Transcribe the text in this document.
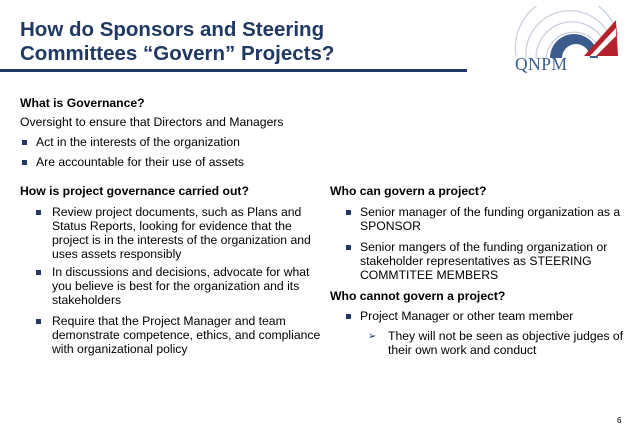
How do Sponsors and Steering
Committees “Govern” Projects?	QNPM
What is Governance?
Oversight to ensure that Directors and Managers
Act in the interests of the organization
Are accountable for their use of assets
How is project governance carried out?
Review project documents, such as Plans and
Status Reports, looking for evidence that the
project is in the interests of the organization and
uses assets responsibly
In discussions and decisions, advocate for what
you believe is best for the organization and its
stakeholders
Require that the Project Manager and team
demonstrate competence, ethics, and compliance
with organizational policy
Who can govern a project?
Senior manager of the funding organization as a
SPONSOR
Senior mangers of the funding organization or
stakeholder representatives as STEERING
COMMTITEE MEMBERS
Who cannot govern a project?
Project Manager or other team member
➢ They will not be seen as objective judges of
their own work and conduct
6
